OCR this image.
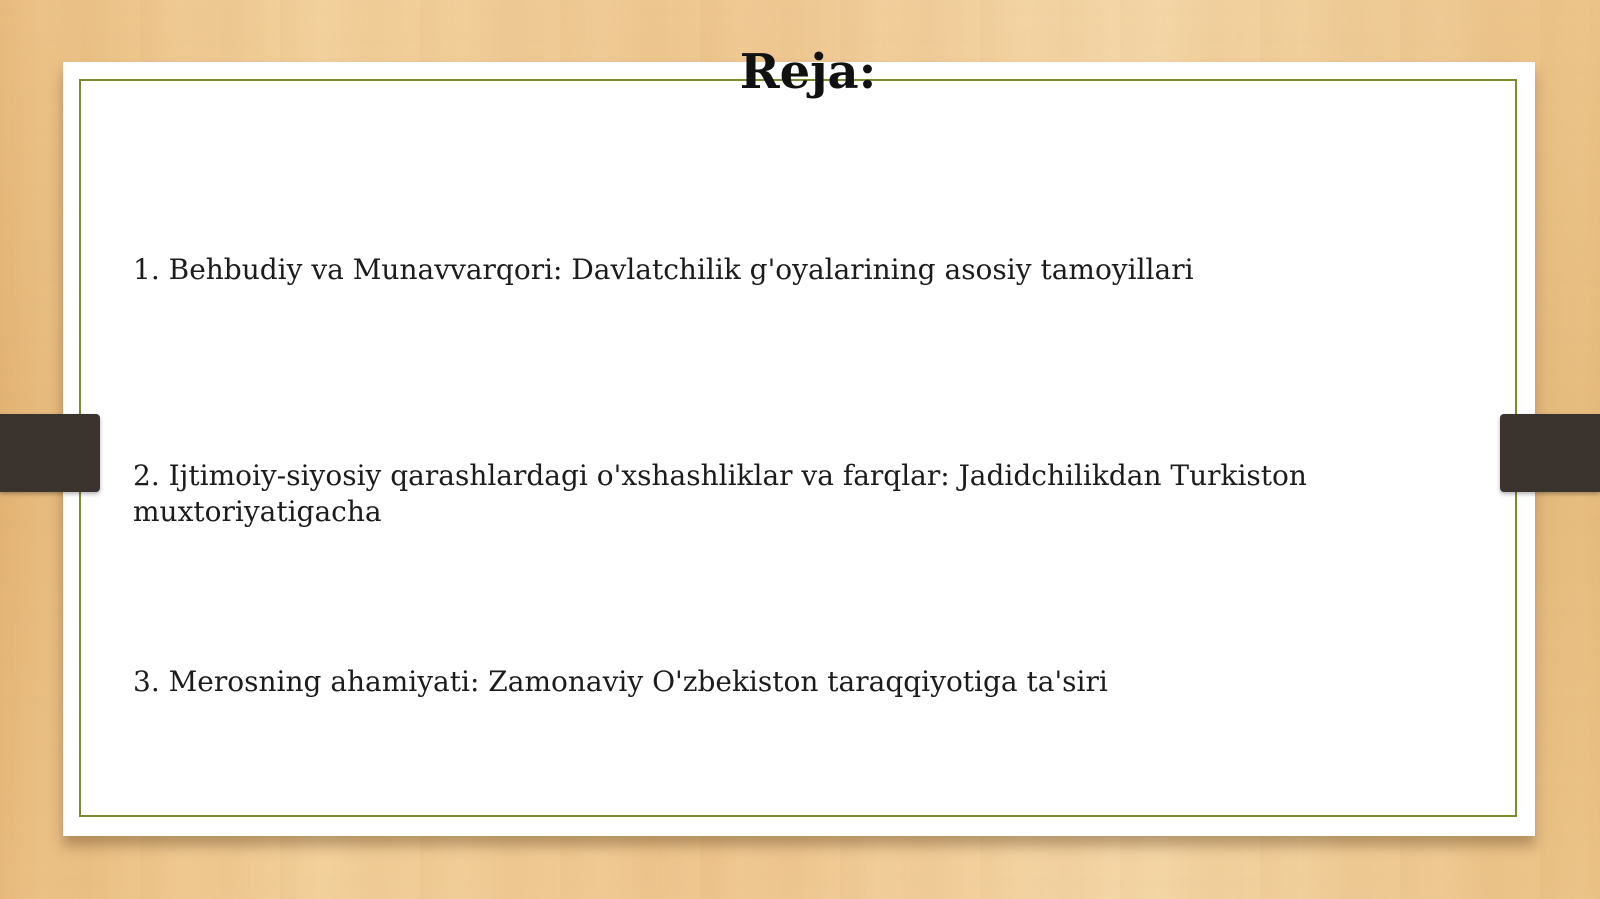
Reja:
1. Behbudiy va Munavvarqori: Davlatchilik g'oyalarining asosiy tamoyillari
2. Ijtimoiy-siyosiy qarashlardagi o'xshashliklar va farqlar: Jadidchilikdan Turkiston muxtoriyatigacha
3. Merosning ahamiyati: Zamonaviy O'zbekiston taraqqiyotiga ta'siri
